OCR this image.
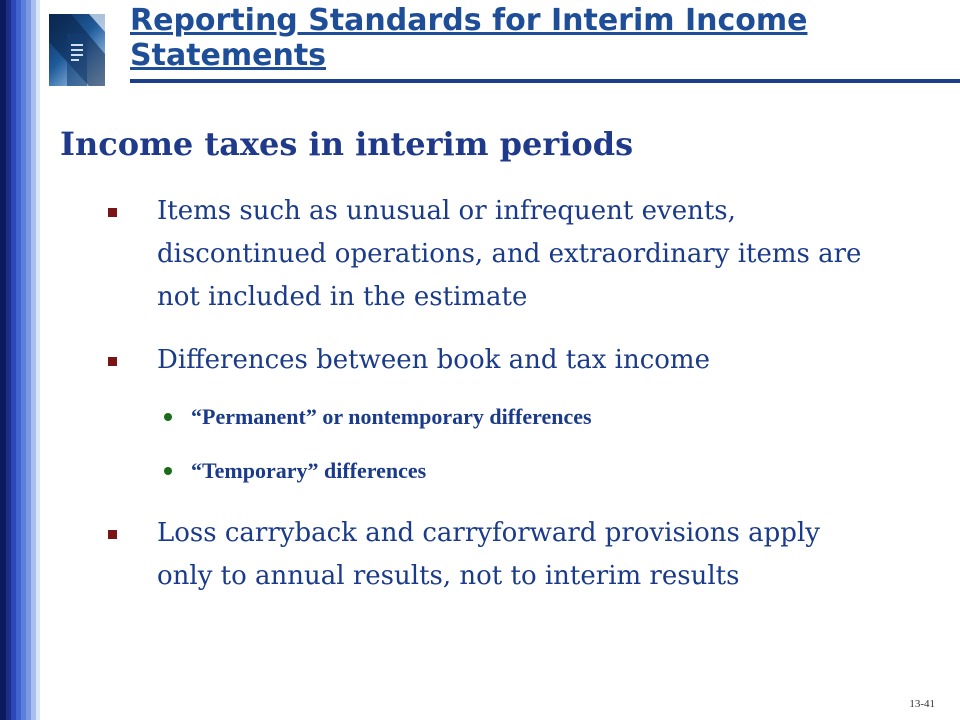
Reporting Standards for Interim Income Statements
Income taxes in interim periods
Items such as unusual or infrequent events, discontinued operations, and extraordinary items are not included in the estimate
Differences between book and tax income
“Permanent” or nontemporary differences
“Temporary” differences
Loss carryback and carryforward provisions apply only to annual results, not to interim results
13-41
